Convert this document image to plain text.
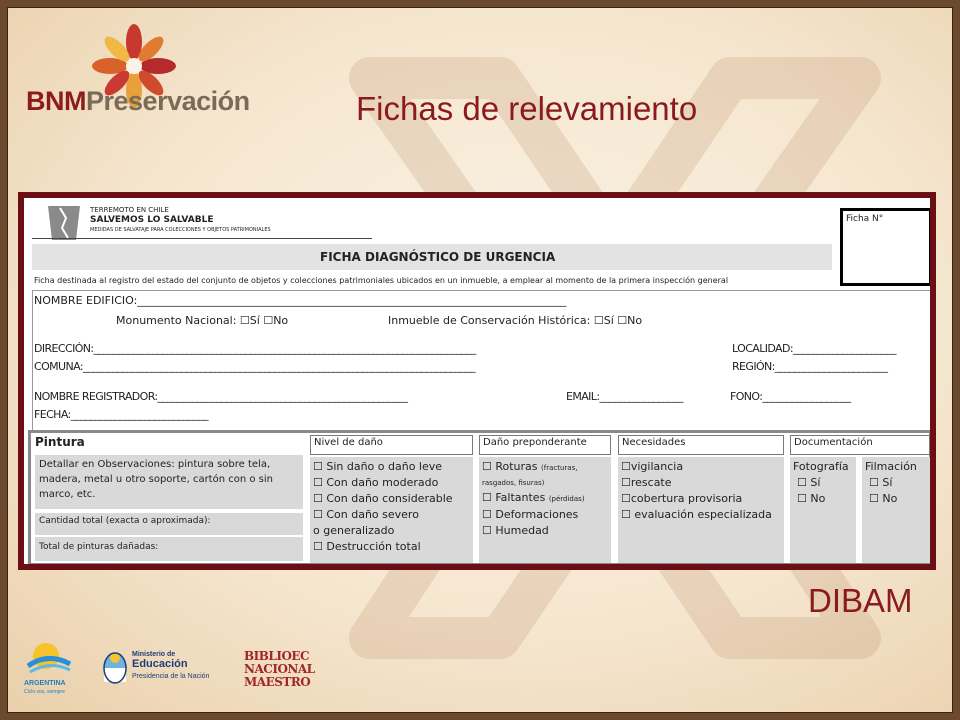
BNMPreservación	Fichas de relevamiento
TERREMOTO EN CHILE
SALVEMOS LO SALVABLE
MEDIDAS DE SALVATAJE PARA COLECCIONES Y OBJETOS PATRIMONIALES
FICHA DIAGNÓSTICO DE URGENCIA
Ficha N°
Ficha destinada al registro del estado del conjunto de objetos y colecciones patrimoniales ubicados en un inmueble, a emplear al momento de la primera inspección general
NOMBRE EDIFICIO:______________________________________________________________________________
Monumento Nacional: ☐Sí ☐No	Inmueble de Conservación Histórica: ☐Sí ☐No
DIRECCIÓN:______________________________________________________________________________	LOCALIDAD:_____________________
COMUNA:________________________________________________________________________________	REGIÓN:_______________________
NOMBRE REGISTRADOR:___________________________________________________	EMAIL:_________________	FONO:__________________
FECHA:____________________________
Pintura
Detallar en Observaciones: pintura sobre tela,
madera, metal u otro soporte, cartón con o sin
marco, etc.
Cantidad total (exacta o aproximada):
Total de pinturas dañadas:
Nivel de daño
☐ Sin daño o daño leve
☐ Con daño moderado
☐ Con daño considerable
☐ Con daño severo
o generalizado
☐ Destrucción total
Daño preponderante
☐ Roturas (fracturas,
rasgados, fisuras)
☐ Faltantes (pérdidas)
☐ Deformaciones
☐ Humedad
Necesidades
☐vigilancia
☐rescate
☐cobertura provisoria
☐ evaluación especializada
Documentación
Fotografía
☐ Sí
☐ No
Filmación
☐ Sí
☐ No
DIBAM
ARGENTINA
Ciclo vos, siempre
Ministerio de
Educación
Presidencia de la Nación
BIBLIOEC
NACIONAL
MAESTRO
